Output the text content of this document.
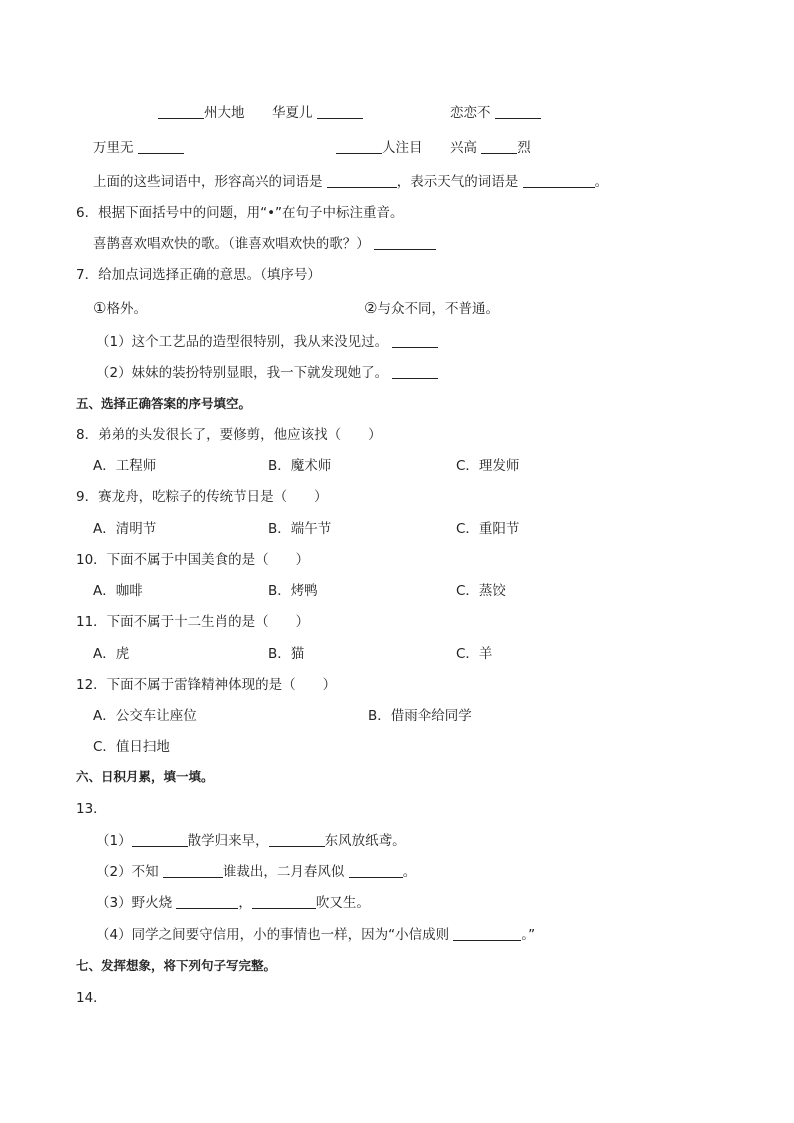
州大地 华夏儿	恋恋不
万里无	人注目 兴高	烈
上面的这些词语中，形容高兴的词语是	，表示天气的词语是	。
6．根据下面括号中的问题，用“•”在句子中标注重音。
喜鹊喜欢唱欢快的歌。（谁喜欢唱欢快的歌？）
7．给加点词选择正确的意思。（填序号）
①格外。	②与众不同，不普通。
（1）这个工艺品的造型很特别，我从来没见过。
（2）妹妹的装扮特别显眼，我一下就发现她了。
五、选择正确答案的序号填空。
8．弟弟的头发很长了，要修剪，他应该找（　　）
A．工程师	B．魔术师	C．理发师
9．赛龙舟，吃粽子的传统节日是（　　）
A．清明节	B．端午节	C．重阳节
10．下面不属于中国美食的是（　　）
A．咖啡	B．烤鸭	C．蒸饺
11．下面不属于十二生肖的是（　　）
A．虎	B．猫	C．羊
12．下面不属于雷锋精神体现的是（　　）
A．公交车让座位	B．借雨伞给同学
C．值日扫地
六、日积月累，填一填。
13．
（1）	散学归来早，	东风放纸鸢。
（2）不知	谁裁出，二月春风似	。
（3）野火烧	，	吹又生。
（4）同学之间要守信用，小的事情也一样，因为“小信成则	。”
七、发挥想象，将下列句子写完整。
14．
